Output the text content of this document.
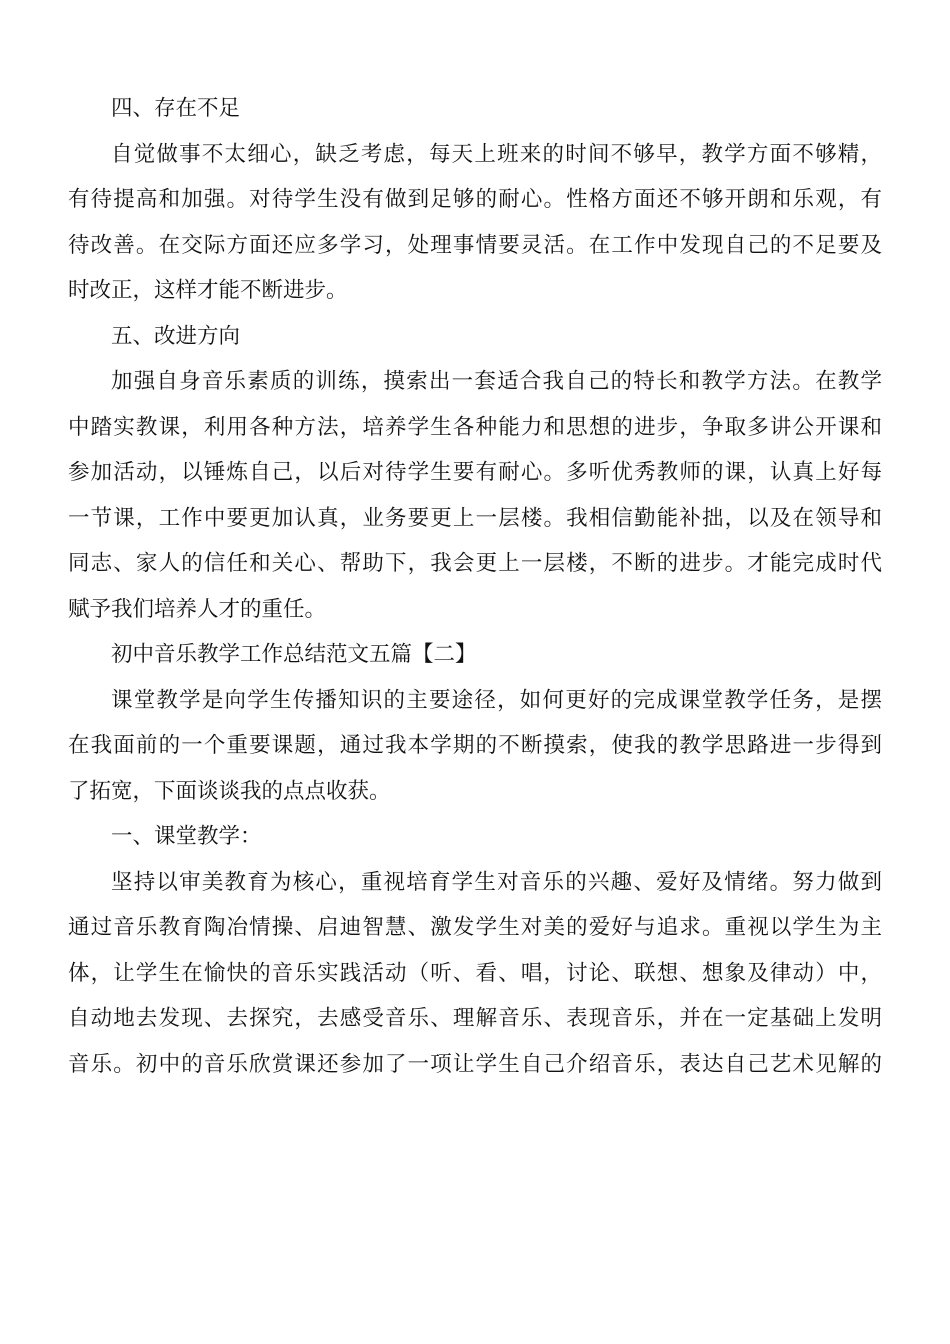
四、存在不足

自觉做事不太细心，缺乏考虑，每天上班来的时间不够早，教学方面不够精，
有待提高和加强。对待学生没有做到足够的耐心。性格方面还不够开朗和乐观，有
待改善。在交际方面还应多学习，处理事情要灵活。在工作中发现自己的不足要及
时改正，这样才能不断进步。

五、改进方向

加强自身音乐素质的训练，摸索出一套适合我自己的特长和教学方法。在教学
中踏实教课，利用各种方法，培养学生各种能力和思想的进步，争取多讲公开课和
参加活动，以锤炼自己，以后对待学生要有耐心。多听优秀教师的课，认真上好每
一节课，工作中要更加认真，业务要更上一层楼。我相信勤能补拙，以及在领导和
同志、家人的信任和关心、帮助下，我会更上一层楼，不断的进步。才能完成时代
赋予我们培养人才的重任。

初中音乐教学工作总结范文五篇【二】

课堂教学是向学生传播知识的主要途径，如何更好的完成课堂教学任务，是摆
在我面前的一个重要课题，通过我本学期的不断摸索，使我的教学思路进一步得到
了拓宽，下面谈谈我的点点收获。

一、课堂教学：

坚持以审美教育为核心，重视培育学生对音乐的兴趣、爱好及情绪。努力做到
通过音乐教育陶冶情操、启迪智慧、激发学生对美的爱好与追求。重视以学生为主
体，让学生在愉快的音乐实践活动（听、看、唱，讨论、联想、想象及律动）中，
自动地去发现、去探究，去感受音乐、理解音乐、表现音乐，并在一定基础上发明
音乐。初中的音乐欣赏课还参加了一项让学生自己介绍音乐，表达自己艺术见解的
